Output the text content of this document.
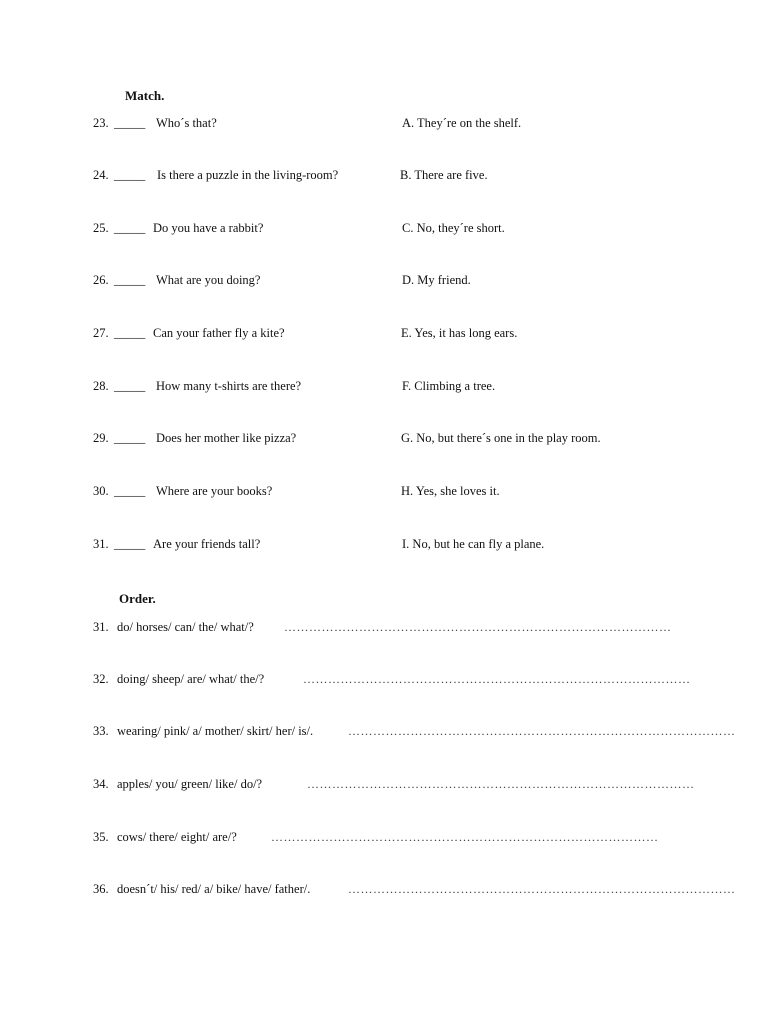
Match.
23. _____ Who´s that?	A. They´re on the shelf.
24. _____ Is there a puzzle in the living-room?	B. There are five.
25. _____ Do you have a rabbit?	C. No, they´re short.
26. _____ What are you doing?	D. My friend.
27. _____ Can your father fly a kite?	E. Yes, it has long ears.
28. _____ How many t-shirts are there?	F. Climbing a tree.
29. _____ Does her mother like pizza?	G. No, but there´s one in the play room.
30. _____ Where are your books?	H. Yes, she loves it.
31. _____ Are your friends tall?	I. No, but he can fly a plane.
Order.
31. do/ horses/ can/ the/ what/?	…………………………………………………………………………………
32. doing/ sheep/ are/ what/ the/?	…………………………………………………………………………………
33. wearing/ pink/ a/ mother/ skirt/ her/ is/.	…………………………………………………………………………………
34. apples/ you/ green/ like/ do/?	…………………………………………………………………………………
35. cows/ there/ eight/ are/?	…………………………………………………………………………………
36. doesn´t/ his/ red/ a/ bike/ have/ father/.	…………………………………………………………………………………
